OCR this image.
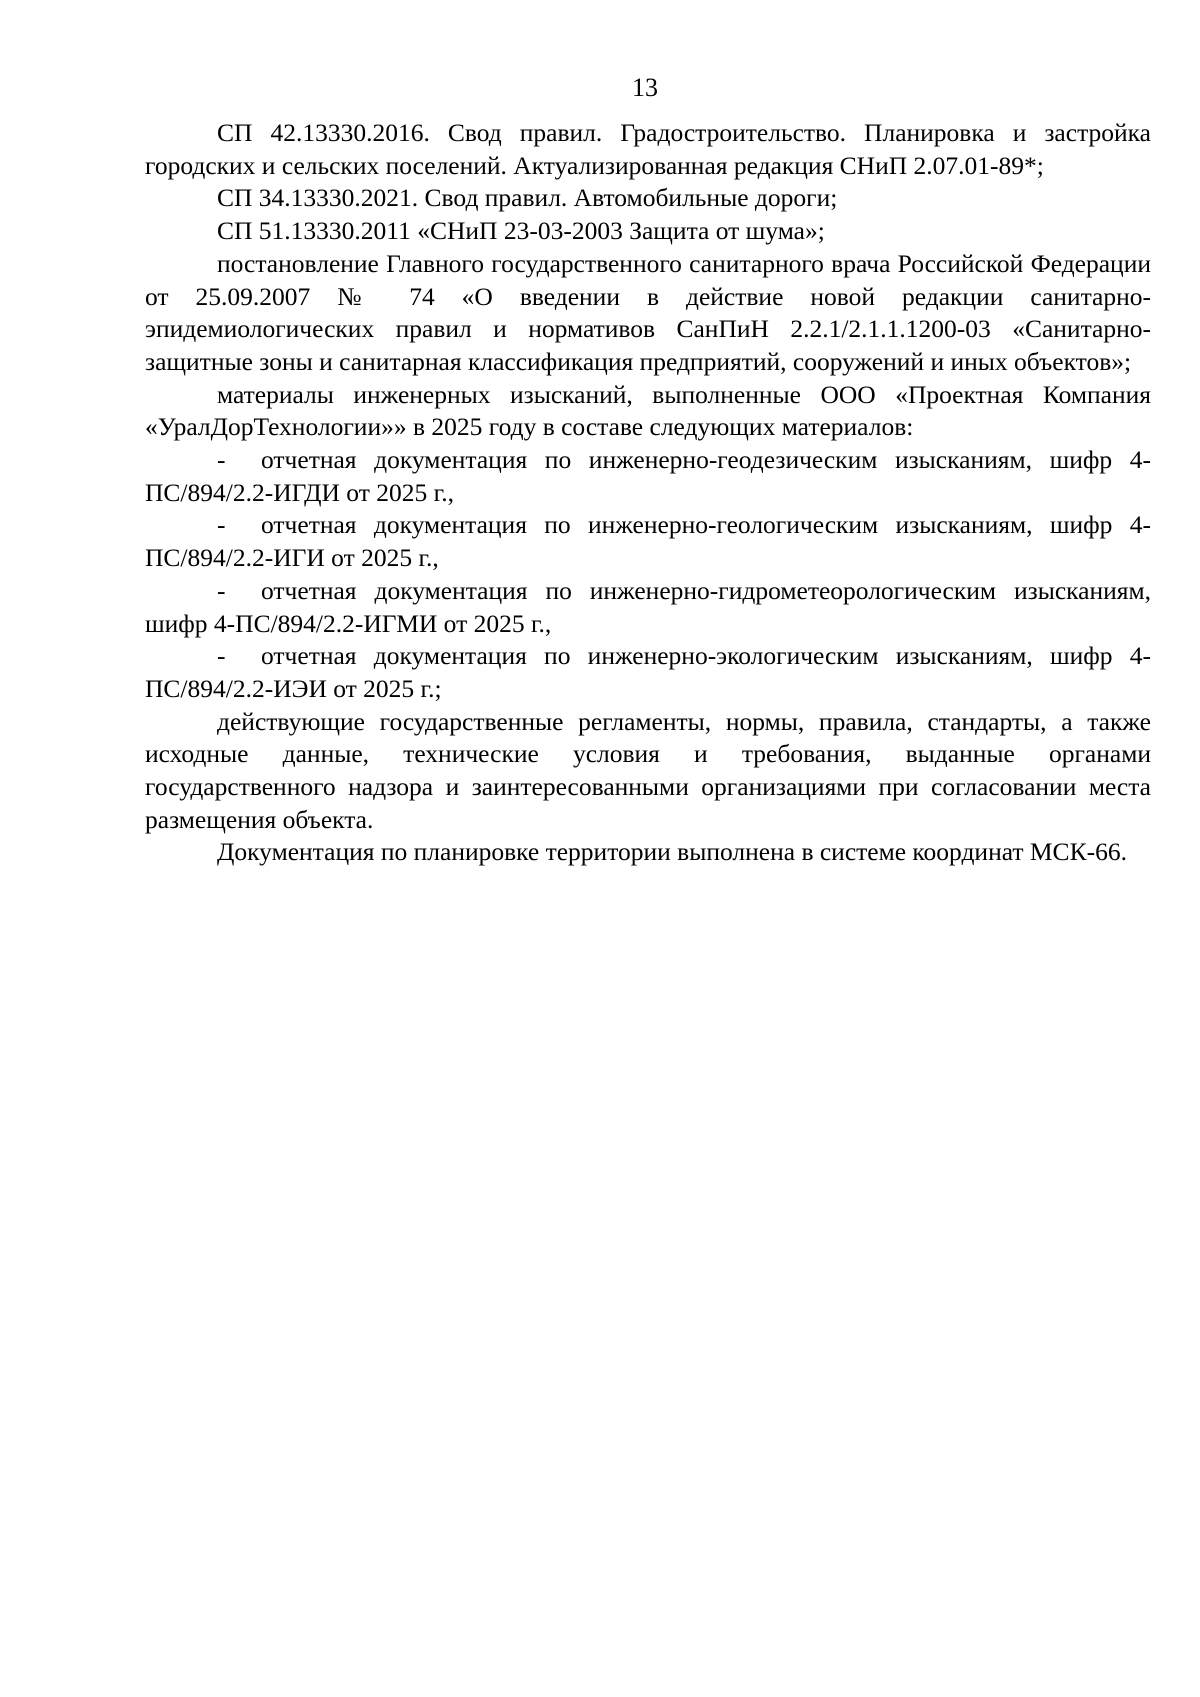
13

СП 42.13330.2016. Свод правил. Градостроительство. Планировка и застройка городских и сельских поселений. Актуализированная редакция СНиП 2.07.01-89*;

СП 34.13330.2021. Свод правил. Автомобильные дороги;

СП 51.13330.2011 «СНиП 23-03-2003 Защита от шума»;

постановление Главного государственного санитарного врача Российской Федерации от 25.09.2007 № 74 «О введении в действие новой редакции санитарно-эпидемиологических правил и нормативов СанПиН 2.2.1/2.1.1.1200-03 «Санитарно-защитные зоны и санитарная классификация предприятий, сооружений и иных объектов»;

материалы инженерных изысканий, выполненные ООО «Проектная Компания «УралДорТехнологии»» в 2025 году в составе следующих материалов:

- отчетная документация по инженерно-геодезическим изысканиям, шифр 4-ПС/894/2.2-ИГДИ от 2025 г.,

- отчетная документация по инженерно-геологическим изысканиям, шифр 4-ПС/894/2.2-ИГИ от 2025 г.,

- отчетная документация по инженерно-гидрометеорологическим изысканиям, шифр 4-ПС/894/2.2-ИГМИ от 2025 г.,

- отчетная документация по инженерно-экологическим изысканиям, шифр 4-ПС/894/2.2-ИЭИ от 2025 г.;

действующие государственные регламенты, нормы, правила, стандарты, а также исходные данные, технические условия и требования, выданные органами государственного надзора и заинтересованными организациями при согласовании места размещения объекта.

Документация по планировке территории выполнена в системе координат МСК-66.
